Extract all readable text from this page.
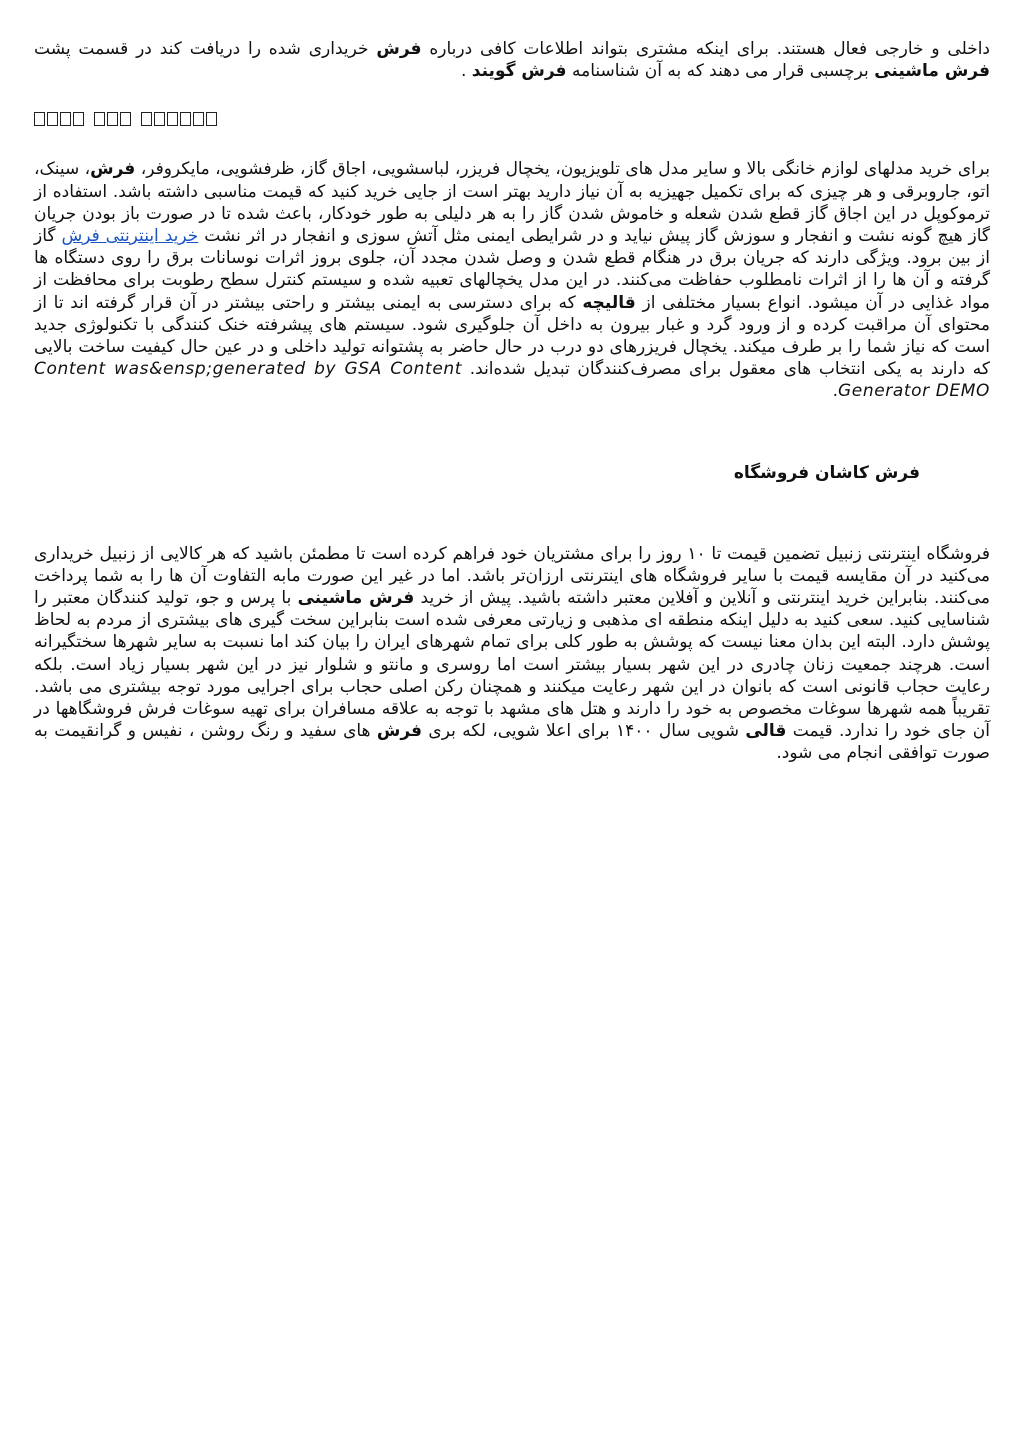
داخلی و خارجی فعال هستند. برای اینکه مشتری بتواند اطلاعات کافی درباره فرش خریداری شده را دریافت کند در قسمت پشت فرش ماشینی برچسبی قرار می دهند که به آن شناسنامه فرش گویند .

برای خرید مدلهای لوازم خانگی بالا و سایر مدل های تلویزیون، یخچال فریزر، لباسشویی، اجاق گاز، ظرفشویی، مایکروفر، فرش، سینک، اتو، جاروبرقی و هر چیزی که برای تکمیل جهیزیه به آن نیاز دارید بهتر است از جایی خرید کنید که قیمت مناسبی داشته باشد. استفاده از ترموکوپل در این اجاق گاز قطع شدن شعله و خاموش شدن گاز را به هر دلیلی به طور خودکار، باعث شده تا در صورت باز بودن جریان گاز هیچ گونه نشت و انفجار و سوزش گاز پیش نیاید و در شرایطی ایمنی مثل آتش سوزی و انفجار در اثر نشت خرید اینترنتی فرش گاز از بین برود. ویژگی دارند که جریان برق در هنگام قطع شدن و وصل شدن مجدد آن، جلوی بروز اثرات نوسانات برق را روی دستگاه ها گرفته و آن ها را از اثرات نامطلوب حفاظت می‌کنند. در این مدل یخچالهای تعبیه شده و سیستم کنترل سطح رطوبت برای محافظت از مواد غذایی در آن میشود. انواع بسیار مختلفی از قالیچه که برای دسترسی به ایمنی بیشتر و راحتی بیشتر در آن قرار گرفته اند تا از محتوای آن مراقبت کرده و از ورود گرد و غبار بیرون به داخل آن جلوگیری شود. سیستم های پیشرفته خنک کنندگی با تکنولوژی جدید است که نیاز شما را بر طرف میکند. یخچال فریزرهای دو درب در حال حاضر به پشتوانه تولید داخلی و در عین حال کیفیت ساخت بالایی که دارند به یکی انتخاب های معقول برای مصرف‌کنندگان تبدیل شده‌اند. Content was&ensp;generated by GSA Content Generator DEMO.

فرش کاشان فروشگاه

فروشگاه اینترنتی زنبیل تضمین قیمت تا ۱۰ روز را برای مشتریان خود فراهم کرده است تا مطمئن باشید که هر کالایی از زنبیل خریداری می‌کنید در آن مقایسه قیمت با سایر فروشگاه های اینترنتی ارزان‌تر باشد. اما در غیر این صورت مابه التفاوت آن ها را به شما پرداخت می‌کنند. بنابراین خرید اینترنتی و آنلاین و آفلاین معتبر داشته باشید. پیش از خرید فرش ماشینی با پرس و جو، تولید کنندگان معتبر را شناسایی کنید. سعی کنید به دلیل اینکه منطقه ای مذهبی و زیارتی معرفی شده است بنابراین سخت گیری های بیشتری از مردم به لحاظ پوشش دارد. البته این بدان معنا نیست که پوشش به طور کلی برای تمام شهرهای ایران را بیان کند اما نسبت به سایر شهرها سختگیرانه است. هرچند جمعیت زنان چادری در این شهر بسیار بیشتر است اما روسری و مانتو و شلوار نیز در این شهر بسیار زیاد است. بلکه رعایت حجاب قانونی است که بانوان در این شهر رعایت میکنند و همچنان رکن اصلی حجاب برای اجرایی مورد توجه بیشتری می باشد. تقریباً همه شهرها سوغات مخصوص به خود را دارند و هتل های مشهد با توجه به علاقه مسافران برای تهیه سوغات فرش فروشگاهها در آن جای خود را ندارد. قیمت قالی شویی سال ۱۴۰۰ برای اعلا شویی، لکه بری فرش های سفید و رنگ روشن ، نفیس و گرانقیمت به صورت توافقی انجام می شود.
